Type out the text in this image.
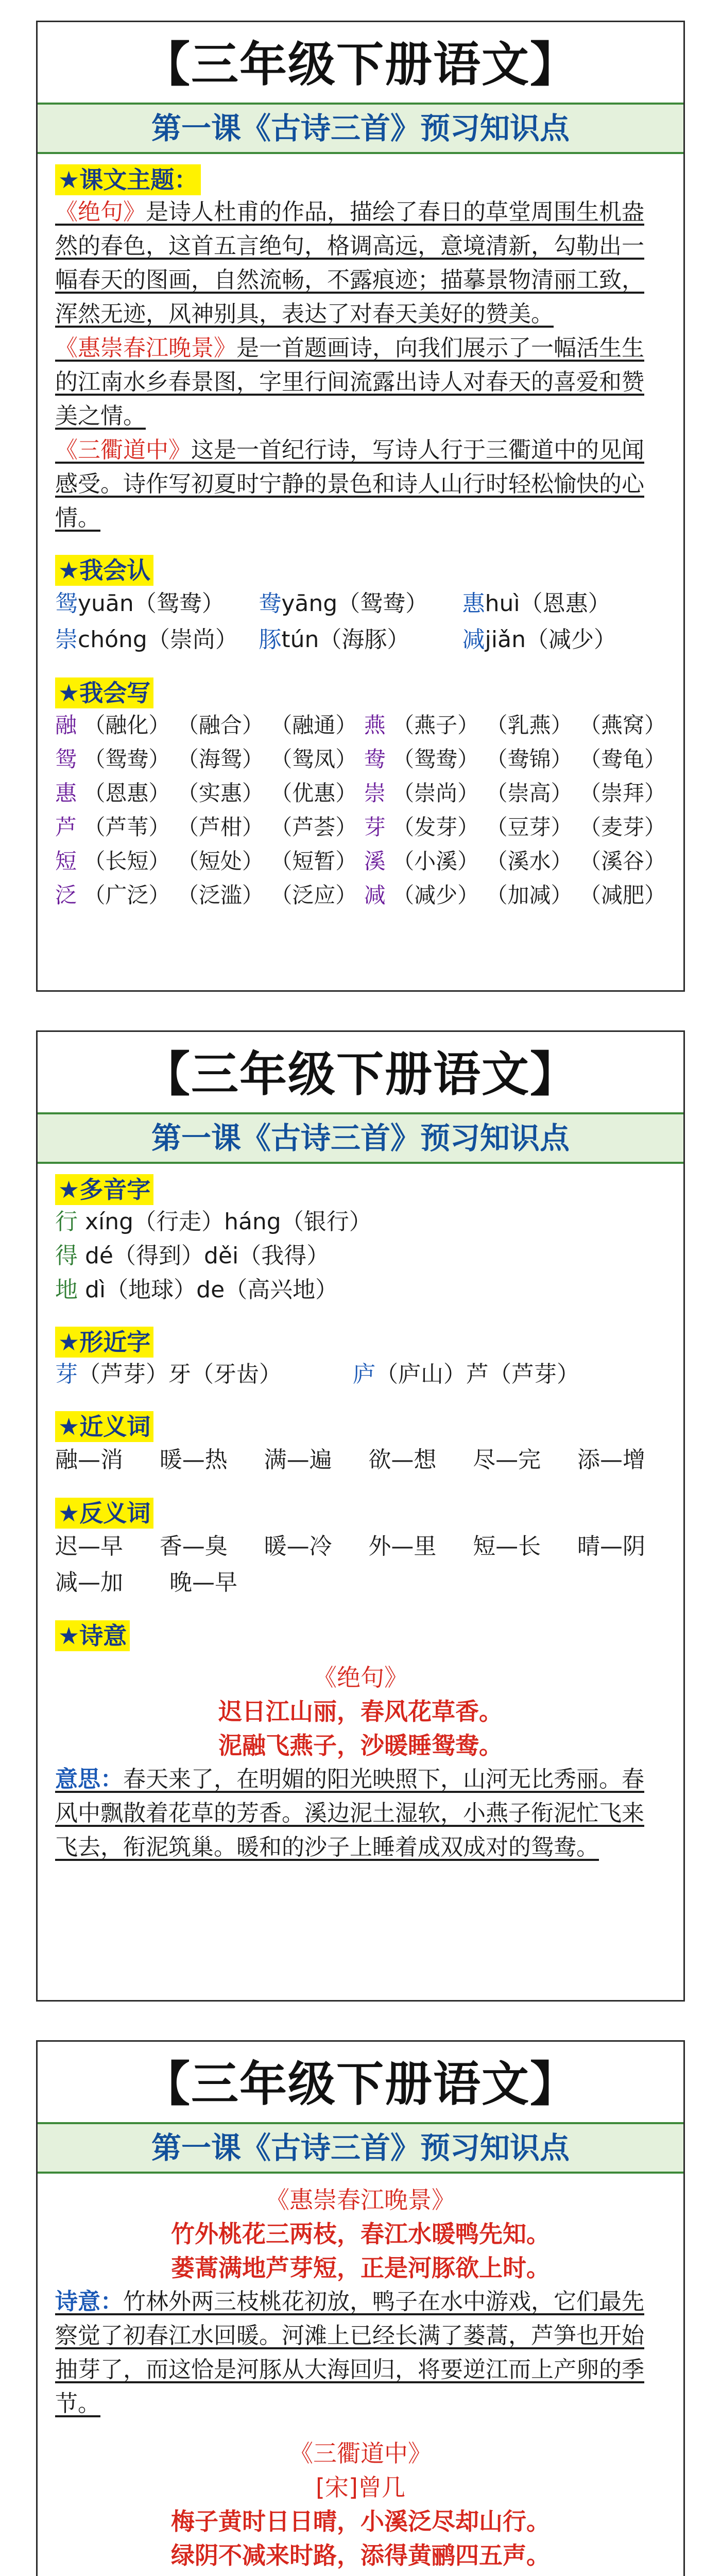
【三年级下册语文】
第一课《古诗三首》预习知识点
★课文主题：

《绝句》是诗人杜甫的作品，描绘了春日的草堂周围生机盎然的春色，这首五言绝句，格调高远，意境清新，勾勒出一幅春天的图画，自然流畅，不露痕迹；描摹景物清丽工致，浑然无迹，风神别具，表达了对春天美好的赞美。

《惠崇春江晚景》是一首题画诗，向我们展示了一幅活生生的江南水乡春景图，字里行间流露出诗人对春天的喜爱和赞美之情。

《三衢道中》这是一首纪行诗，写诗人行于三衢道中的见闻感受。诗作写初夏时宁静的景色和诗人山行时轻松愉快的心情。

★我会认
鸳yuān（鸳鸯）	鸯yāng（鸳鸯）	惠huì（恩惠）
崇chóng（崇尚） 豚tún（海豚）	减jiǎn（减少）
★我会写
融 （融化） （融合） （融通） 燕 （燕子） （乳燕） （燕窝）
鸳 （鸳鸯） （海鸳） （鸳凤） 鸯 （鸳鸯） （鸯锦） （鸯龟）
惠 （恩惠） （实惠） （优惠） 崇 （崇尚） （崇高） （崇拜）
芦 （芦苇） （芦柑） （芦荟） 芽 （发芽） （豆芽） （麦芽）
短 （长短） （短处） （短暂） 溪 （小溪） （溪水） （溪谷）
泛 （广泛） （泛滥） （泛应） 减 （减少） （加减） （减肥）
【三年级下册语文】
第一课《古诗三首》预习知识点
★多音字
行 xíng（行走）háng（银行）
得 dé（得到）děi（我得）
地 dì（地球）de（高兴地）
★形近字
芽（芦芽）牙（牙齿）	庐（庐山）芦（芦芽）
★近义词
融—消 暖—热 满—遍 欲—想 尽—完 添—增
★反义词
迟—早 香—臭 暖—冷 外—里 短—长 晴—阴
减—加 晚—早
★诗意
《绝句》
迟日江山丽，春风花草香。
泥融飞燕子，沙暖睡鸳鸯。

意思：春天来了，在明媚的阳光映照下，山河无比秀丽。春风中飘散着花草的芳香。溪边泥土湿软，小燕子衔泥忙飞来飞去，衔泥筑巢。暖和的沙子上睡着成双成对的鸳鸯。

【三年级下册语文】
第一课《古诗三首》预习知识点
《惠崇春江晚景》
竹外桃花三两枝，春江水暖鸭先知。
蒌蒿满地芦芽短，正是河豚欲上时。

诗意：竹林外两三枝桃花初放，鸭子在水中游戏，它们最先察觉了初春江水回暖。河滩上已经长满了蒌蒿，芦笋也开始抽芽了，而这恰是河豚从大海回归，将要逆江而上产卵的季节。

《三衢道中》
[宋]曾几
梅子黄时日日晴，小溪泛尽却山行。
绿阴不减来时路，添得黄鹂四五声。
